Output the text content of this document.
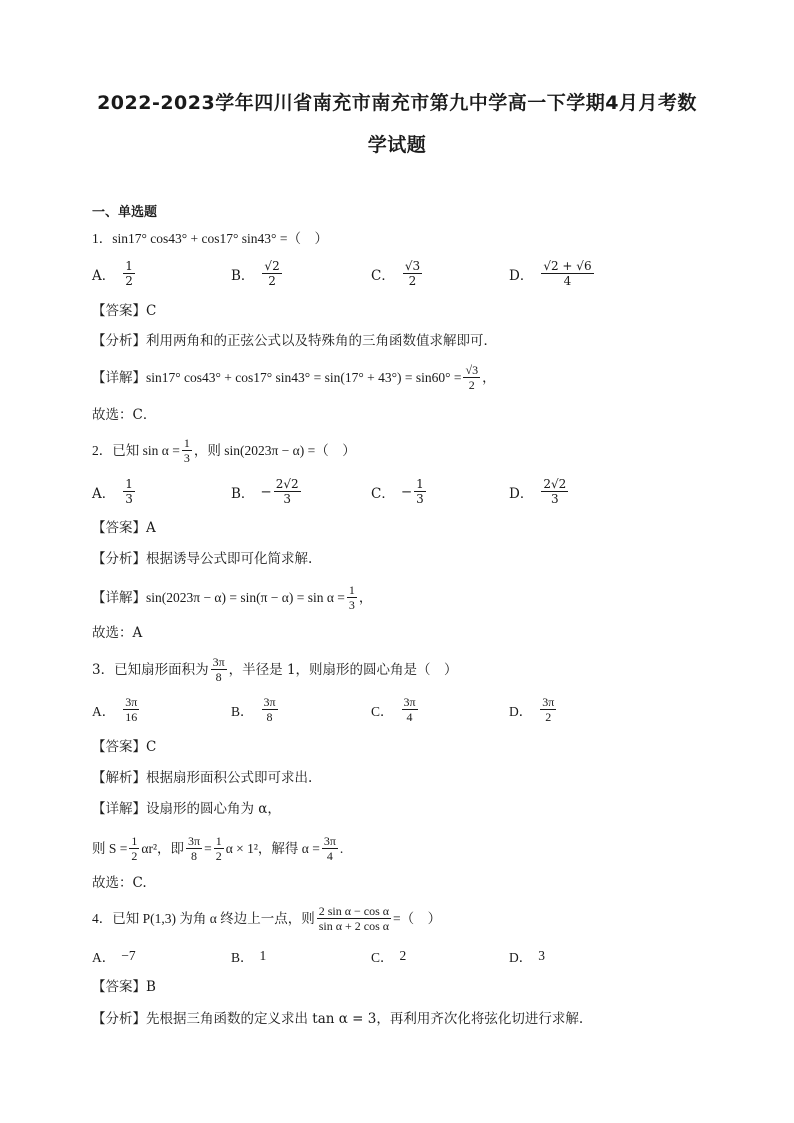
2022-2023学年四川省南充市南充市第九中学高一下学期4月月考数
学试题
一、单选题
1．sin17° cos43° + cos17° sin43° =（　）
A． $\frac{1}{2}$	B． $\frac{√2}{2}$	C． $\frac{√3}{2}$	D． $\frac{√2 + √6}{4}$
【答案】C
【分析】利用两角和的正弦公式以及特殊角的三角函数值求解即可．
【详解】sin17° cos43° + cos17° $\sin 43^\circ = \sin(17^\circ + 43^\circ) = \sin 60^\circ = \frac{√3}{2}$ ，
故选：C．
2．已知 $\sin \alpha = \frac{1}{3}$ ，则 sin(2023π − α) =（　）
A． $\frac{1}{3}$	B． − $\frac{2√2}{3}$	C． − $\frac{1}{3}$	D． $\frac{2√2}{3}$
【答案】A
【分析】根据诱导公式即可化简求解.
【详解】$\sin(2023\pi - \alpha) = \sin(\pi - \alpha) = \sin \alpha = \frac{1}{3}$ ，
故选：A
3．已知扇形面积为 $\frac{3\pi}{8}$ ，半径是 1，则扇形的圆心角是（　）
A． $\frac{3\pi}{16}$	B． $\frac{3\pi}{8}$	C． $\frac{3\pi}{4}$	D． $\frac{3\pi}{2}$
【答案】C
【解析】根据扇形面积公式即可求出.
【详解】设扇形的圆心角为 α，
则 $S = \frac{1}{2} \alpha r^2$，即 $\frac{3\pi}{8} = \frac{1}{2}$ α × 1²，解得 $\alpha = \frac{3\pi}{4}$ .
故选：C.
4．已知 P(1,3) 为角 α 终边上一点，则 $\frac{\text{2 sin α − cos α}}{\text{sin α + 2 cos α}}$ =（　）
A． −7	B． 1	C． 2	D． 3
【答案】B
【分析】先根据三角函数的定义求出 tan α = 3，再利用齐次化将弦化切进行求解.
